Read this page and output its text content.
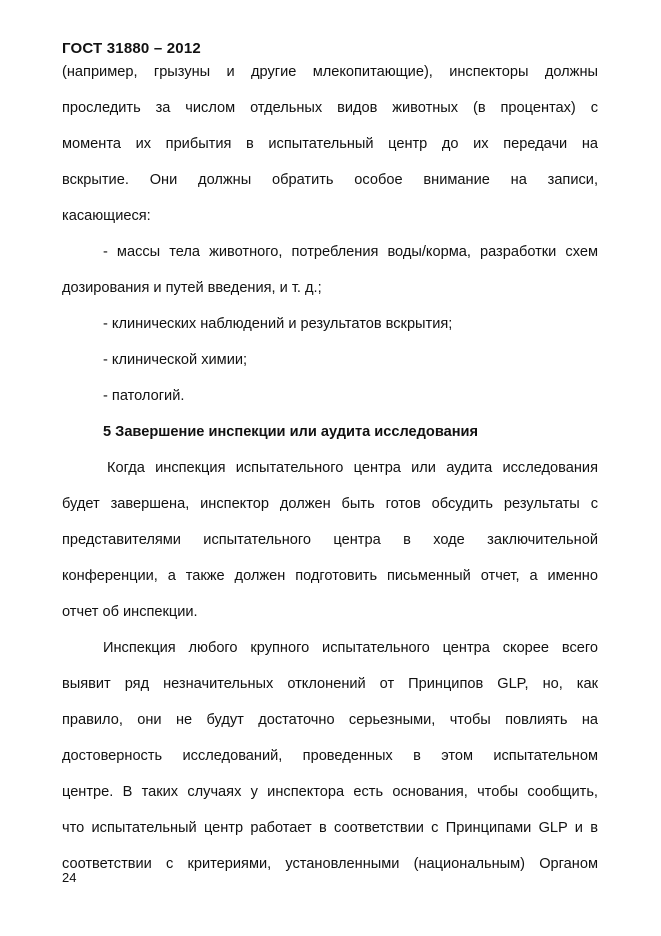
ГОСТ 31880 – 2012
(например, грызуны и другие млекопитающие), инспекторы должны
проследить за числом отдельных видов животных (в процентах) с
момента их прибытия в испытательный центр до их передачи на
вскрытие. Они должны обратить особое внимание на записи,
касающиеся:
- массы тела животного, потребления воды/корма, разработки схем
дозирования и путей введения, и т. д.;
- клинических наблюдений и результатов вскрытия;
- клинической химии;
- патологий.
5 Завершение инспекции или аудита исследования
Когда инспекция испытательного центра или аудита исследования
будет завершена, инспектор должен быть готов обсудить результаты с
представителями испытательного центра в ходе заключительной
конференции, а также должен подготовить письменный отчет, а именно
отчет об инспекции.
Инспекция любого крупного испытательного центра скорее всего
выявит ряд незначительных отклонений от Принципов GLP, но, как
правило, они не будут достаточно серьезными, чтобы повлиять на
достоверность исследований, проведенных в этом испытательном
центре. В таких случаях у инспектора есть основания, чтобы сообщить,
что испытательный центр работает в соответствии с Принципами GLP и в
соответствии с критериями, установленными (национальным) Органом
24
